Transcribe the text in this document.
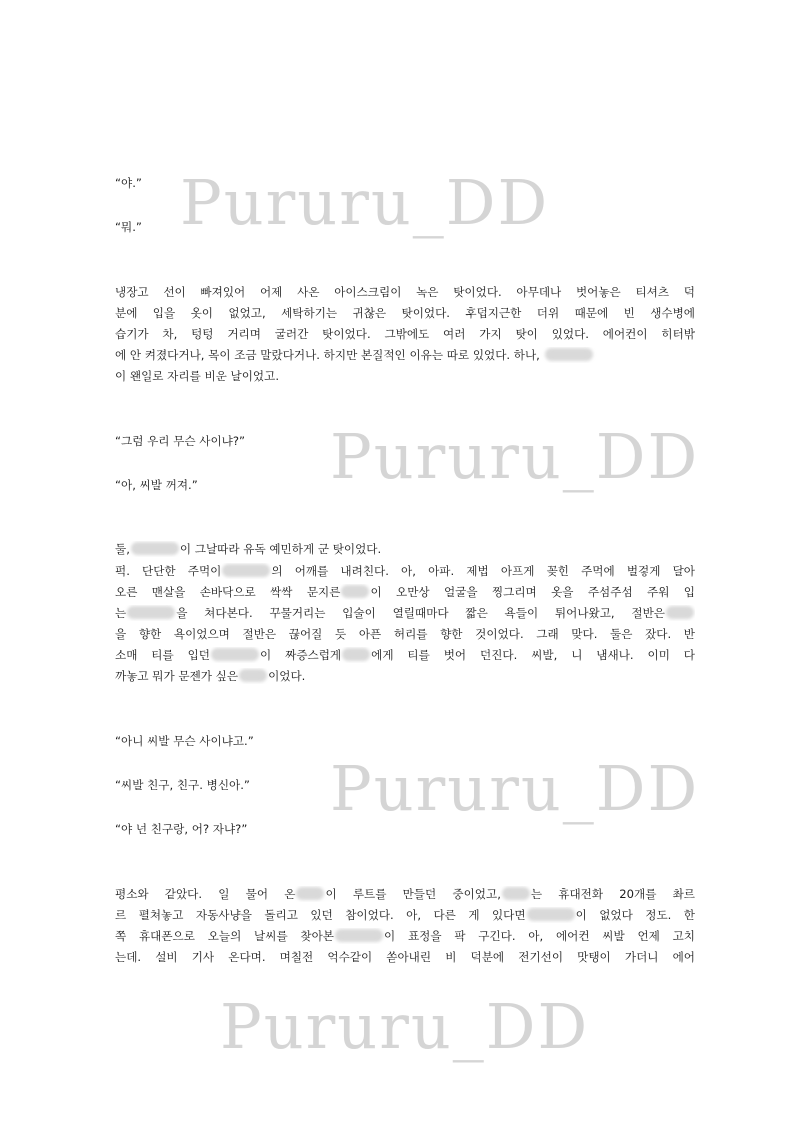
Pururu_DD
Pururu_DD
Pururu_DD
Pururu_DD
“야.”
“뭐.”
냉장고 선이 빠져있어 어제 사온 아이스크림이 녹은 탓이었다. 아무데나 벗어놓은 티셔츠 덕
분에 입을 옷이 없었고, 세탁하기는 귀찮은 탓이었다. 후덥지근한 더위 때문에 빈 생수병에
습기가 차, 텅텅 거리며 굴러간 탓이었다. 그밖에도 여러 가지 탓이 있었다. 에어컨이 히터밖
에 안 켜졌다거나, 목이 조금 말랐다거나. 하지만 본질적인 이유는 따로 있었다. 하나,
이 왠일로 자리를 비운 날이었고.
“그럼 우리 무슨 사이냐?”
“아, 씨발 꺼져.”
둘,	이 그날따라 유독 예민하게 군 탓이었다.
퍽. 단단한 주먹이	의 어깨를 내려친다. 아, 아파. 제법 아프게 꽂힌 주먹에 벌겋게 달아
오른 맨살을 손바닥으로 싹싹 문지른	이 오만상 얼굴을 찡그리며 옷을 주섬주섬 주워 입
는	을 쳐다본다. 꾸물거리는 입술이 열릴때마다 짧은 욕들이 튀어나왔고, 절반은
을 향한 욕이었으며 절반은 끊어질 듯 아픈 허리를 향한 것이었다. 그래 맞다. 둘은 잤다. 반
소매 티를 입던	이 짜증스럽게	에게 티를 벗어 던진다. 씨발, 니 냄새나. 이미 다
까놓고 뭐가 문젠가 싶은	이었다.
“아니 씨발 무슨 사이냐고.”
“씨발 친구, 친구. 병신아.”
“야 넌 친구랑, 어? 자냐?”
평소와 같았다. 일 물어 온	이 루트를 만들던 중이었고,	는 휴대전화 20개를 촤르
르 펼쳐놓고 자동사냥을 돌리고 있던 참이었다. 아, 다른 게 있다면	이 없었다 정도. 한
쪽 휴대폰으로 오늘의 날씨를 찾아본	이 표정을 팍 구긴다. 아, 에어컨 씨발 언제 고치
는데. 설비 기사 온다며. 며칠전 억수같이 쏟아내린 비 덕분에 전기선이 맛탱이 가더니 에어
